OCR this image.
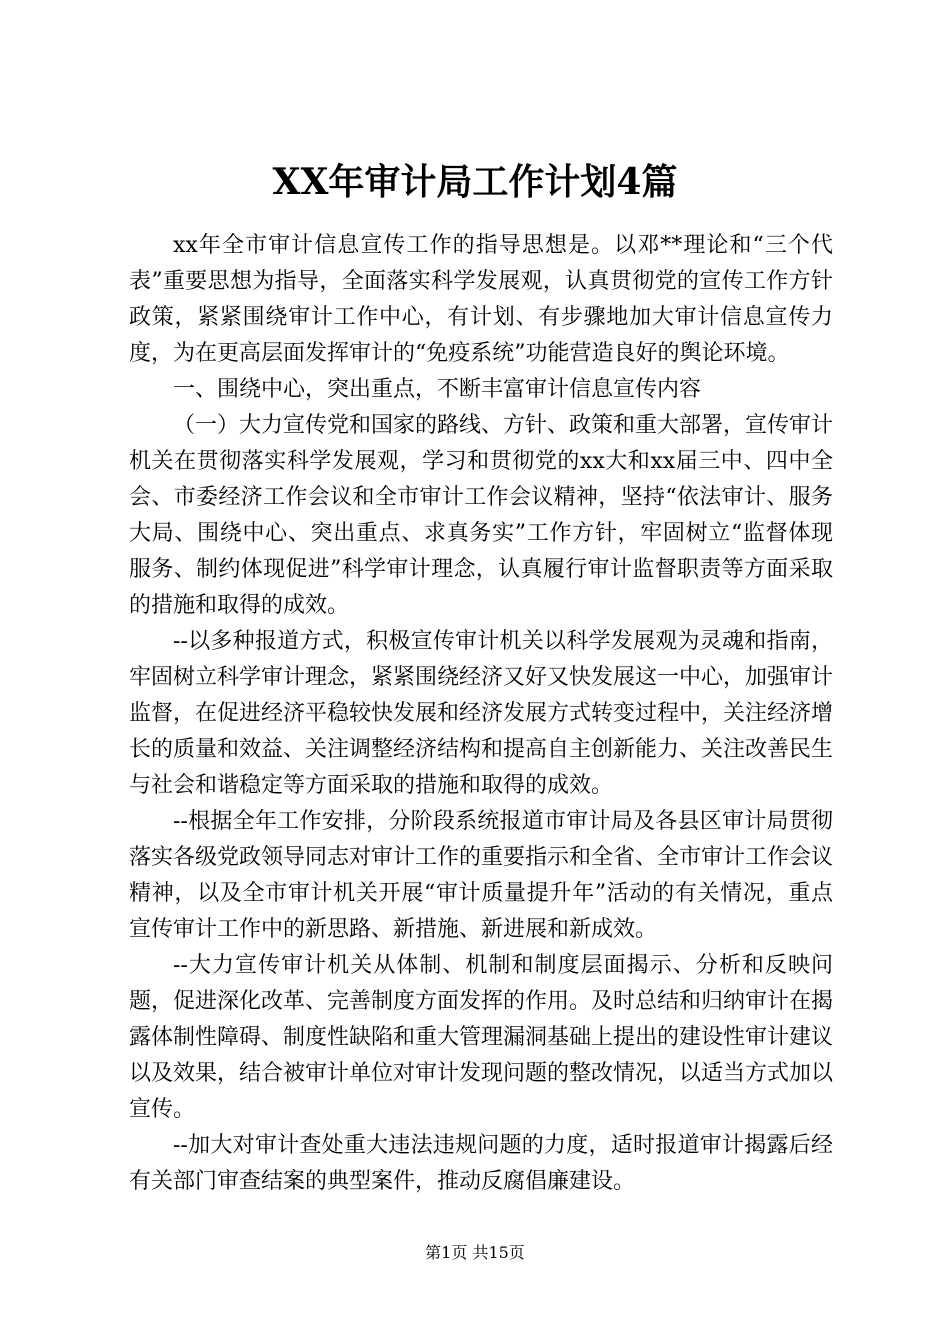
XX年审计局工作计划4篇

xx年全市审计信息宣传工作的指导思想是。以邓**理论和“三个代表”重要思想为指导，全面落实科学发展观，认真贯彻党的宣传工作方针政策，紧紧围绕审计工作中心，有计划、有步骤地加大审计信息宣传力度，为在更高层面发挥审计的“免疫系统”功能营造良好的舆论环境。

一、围绕中心，突出重点，不断丰富审计信息宣传内容

（一）大力宣传党和国家的路线、方针、政策和重大部署，宣传审计机关在贯彻落实科学发展观，学习和贯彻党的xx大和xx届三中、四中全会、市委经济工作会议和全市审计工作会议精神，坚持“依法审计、服务大局、围绕中心、突出重点、求真务实”工作方针，牢固树立“监督体现服务、制约体现促进”科学审计理念，认真履行审计监督职责等方面采取的措施和取得的成效。

--以多种报道方式，积极宣传审计机关以科学发展观为灵魂和指南，牢固树立科学审计理念，紧紧围绕经济又好又快发展这一中心，加强审计监督，在促进经济平稳较快发展和经济发展方式转变过程中，关注经济增长的质量和效益、关注调整经济结构和提高自主创新能力、关注改善民生与社会和谐稳定等方面采取的措施和取得的成效。

--根据全年工作安排，分阶段系统报道市审计局及各县区审计局贯彻落实各级党政领导同志对审计工作的重要指示和全省、全市审计工作会议精神，以及全市审计机关开展“审计质量提升年”活动的有关情况，重点宣传审计工作中的新思路、新措施、新进展和新成效。

--大力宣传审计机关从体制、机制和制度层面揭示、分析和反映问题，促进深化改革、完善制度方面发挥的作用。及时总结和归纳审计在揭露体制性障碍、制度性缺陷和重大管理漏洞基础上提出的建设性审计建议以及效果，结合被审计单位对审计发现问题的整改情况，以适当方式加以宣传。

--加大对审计查处重大违法违规问题的力度，适时报道审计揭露后经有关部门审查结案的典型案件，推动反腐倡廉建设。

第1页 共15页
